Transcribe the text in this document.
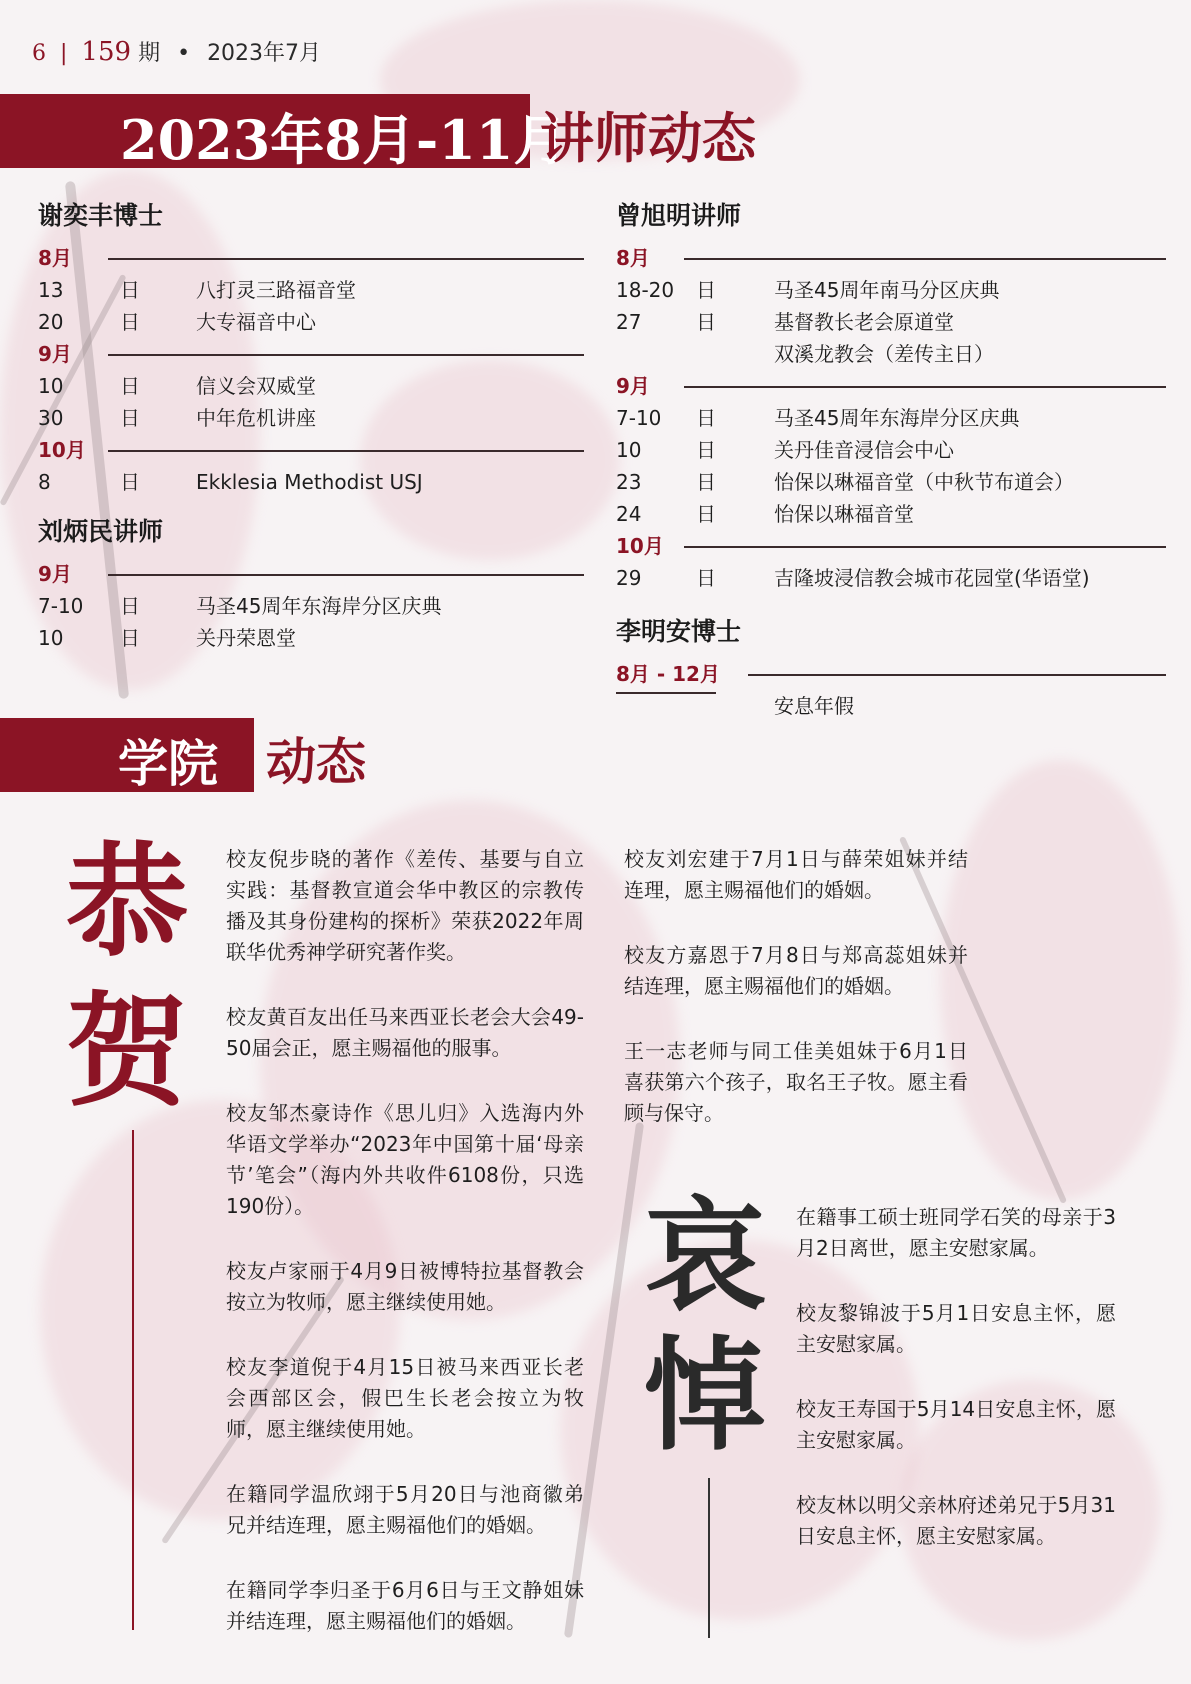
6 | 159 期 • 2023年7月
2023年8月-11月
讲师动态
谢奕丰博士
8月
13	日	八打灵三路福音堂
20	日	大专福音中心
9月
10	日	信义会双威堂
30	日	中年危机讲座
10月
8	日	Ekklesia Methodist USJ
刘炳民讲师
9月
7-10 日	马圣45周年东海岸分区庆典
10	日	关丹荣恩堂
曾旭明讲师
8月
18-20 日	马圣45周年南马分区庆典
27	日	基督教长老会原道堂
双溪龙教会（差传主日）
9月
7-10 日	马圣45周年东海岸分区庆典
10	日	关丹佳音浸信会中心
23	日	怡保以琳福音堂（中秋节布道会）
24	日	怡保以琳福音堂
10月
29	日	吉隆坡浸信教会城市花园堂(华语堂)
李明安博士
8月 - 12月
安息年假
学院 动态
恭
贺

校友倪步晓的著作《差传、基要与自立实践：基督教宣道会华中教区的宗教传播及其身份建构的探析》荣获2022年周联华优秀神学研究著作奖。

校友黄百友出任马来西亚长老会大会49-50届会正，愿主赐福他的服事。

校友邹杰豪诗作《思儿归》入选海内外华语文学举办“2023年中国第十届‘母亲节’笔会”（海内外共收件6108份，只选190份）。

校友卢家丽于4月9日被博特拉基督教会按立为牧师，愿主继续使用她。

校友李道倪于4月15日被马来西亚长老会西部区会，假巴生长老会按立为牧师，愿主继续使用她。

在籍同学温欣翊于5月20日与池商徽弟兄并结连理，愿主赐福他们的婚姻。

在籍同学李归圣于6月6日与王文静姐妹并结连理，愿主赐福他们的婚姻。

校友刘宏建于7月1日与薛荣姐妹并结连理，愿主赐福他们的婚姻。

校友方嘉恩于7月8日与郑高蕊姐妹并结连理，愿主赐福他们的婚姻。

王一志老师与同工佳美姐妹于6月1日喜获第六个孩子，取名王子牧。愿主看顾与保守。

哀
悼

在籍事工硕士班同学石笑的母亲于3月2日离世，愿主安慰家属。

校友黎锦波于5月1日安息主怀，愿主安慰家属。

校友王寿国于5月14日安息主怀，愿主安慰家属。

校友林以明父亲林府述弟兄于5月31日安息主怀，愿主安慰家属。
